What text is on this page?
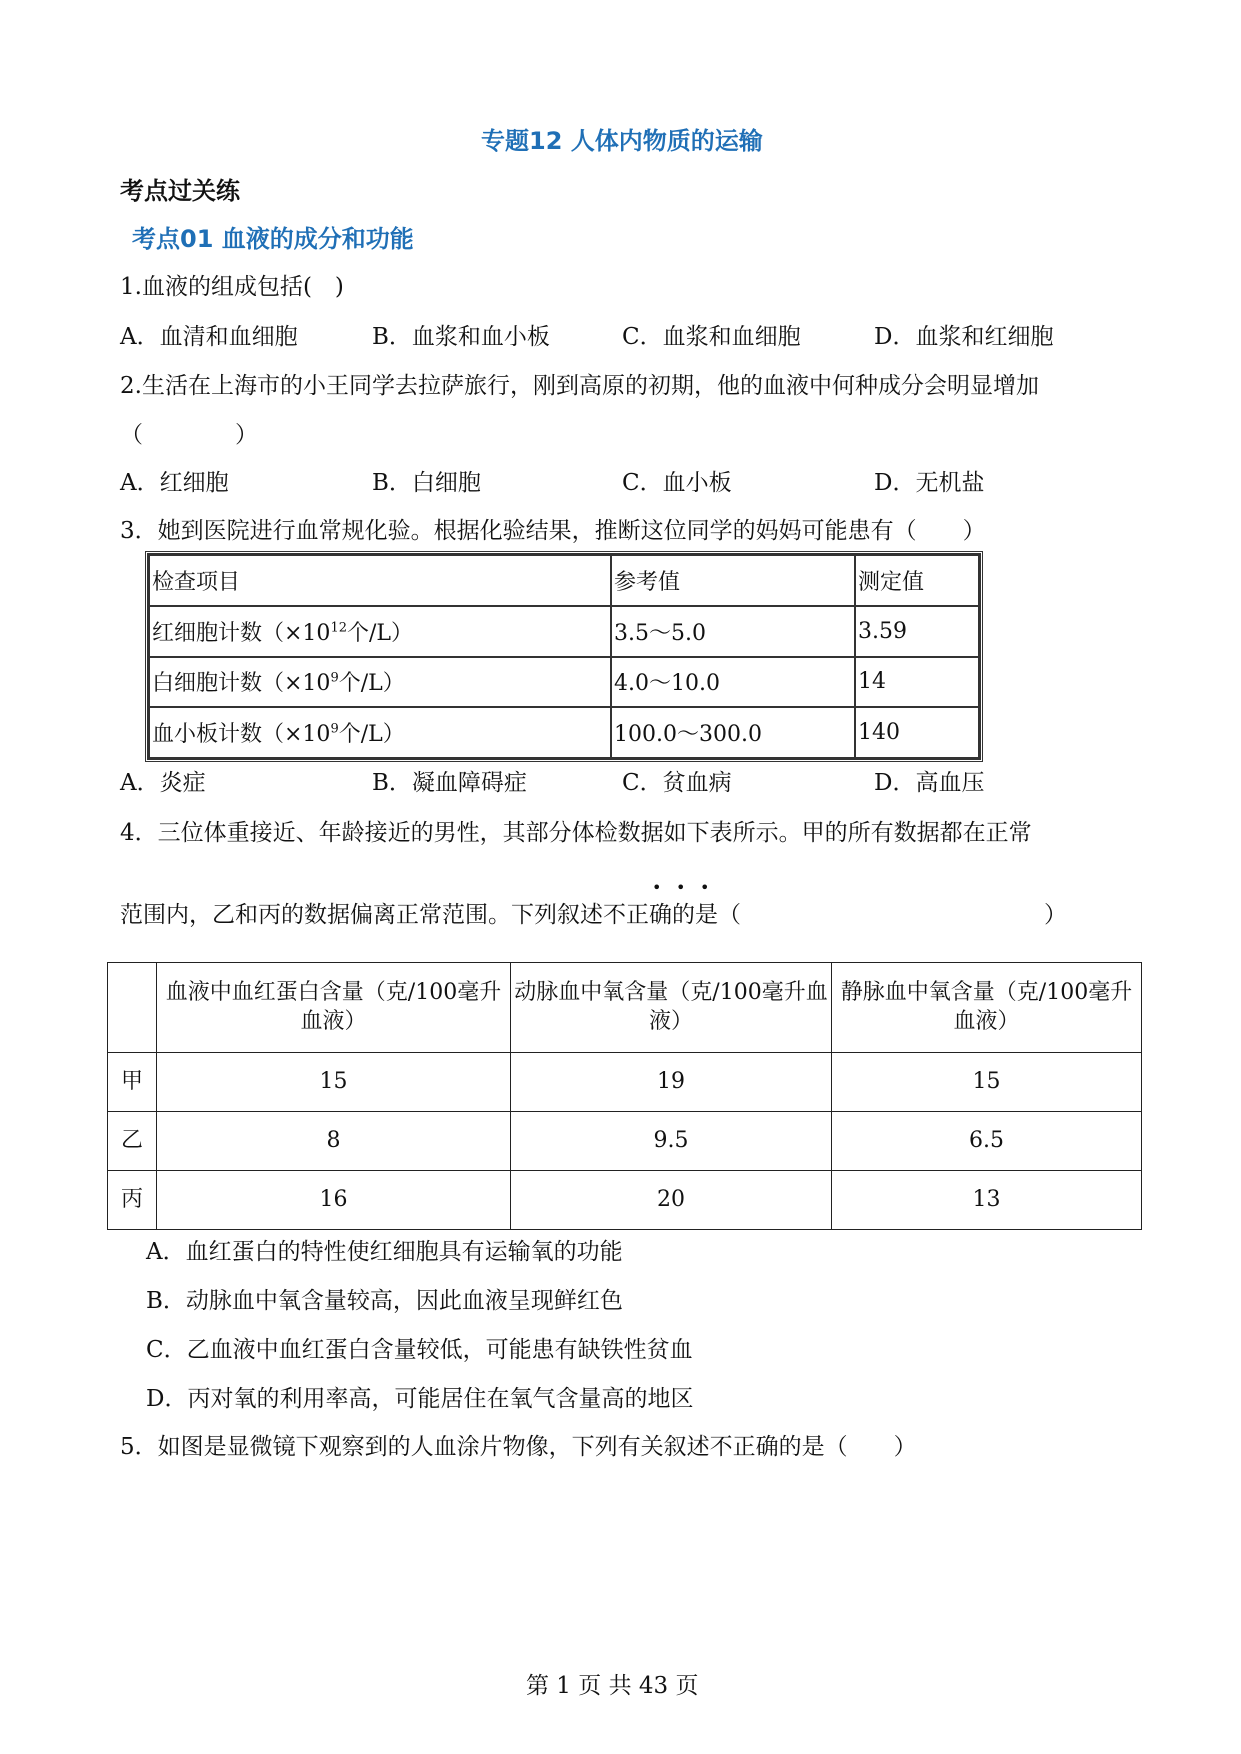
专题12 人体内物质的运输
考点过关练
考点01 血液的成分和功能
1.血液的组成包括(　)
A．血清和血细胞	B．血浆和血小板	C．血浆和血细胞	D．血浆和红细胞
2.生活在上海市的小王同学去拉萨旅行，刚到高原的初期，他的血液中何种成分会明显增加
（　　　　）
A．红细胞	B．白细胞	C．血小板	D．无机盐
3．她到医院进行血常规化验。根据化验结果，推断这位同学的妈妈可能患有（　　）
检查项目	参考值	测定值
红细胞计数（$\times 10^{12}$个/L）	3.5～5.0	3.59
白细胞计数（$\times 10^9$个/L）	4.0～10.0	14
血小板计数（$\times 10^9$个/L）	100.0～300.0	140
A．炎症	B．凝血障碍症	C．贫血病	D．高血压
4．三位体重接近、年龄接近的男性，其部分体检数据如下表所示。甲的所有数据都在正常
范围内，乙和丙的数据偏离正常范围。下列叙述不正确的是（	）
• • •
	血液中血红蛋白含量（克/100毫升血液）	动脉血中氧含量（克/100毫升血液）	静脉血中氧含量（克/100毫升血液）
甲	15	19	15
乙	8	9.5	6.5
丙	16	20	13
A．血红蛋白的特性使红细胞具有运输氧的功能
B．动脉血中氧含量较高，因此血液呈现鲜红色
C．乙血液中血红蛋白含量较低，可能患有缺铁性贫血
D．丙对氧的利用率高，可能居住在氧气含量高的地区
5．如图是显微镜下观察到的人血涂片物像，下列有关叙述不正确的是（　　）
第 1 页 共 43 页
